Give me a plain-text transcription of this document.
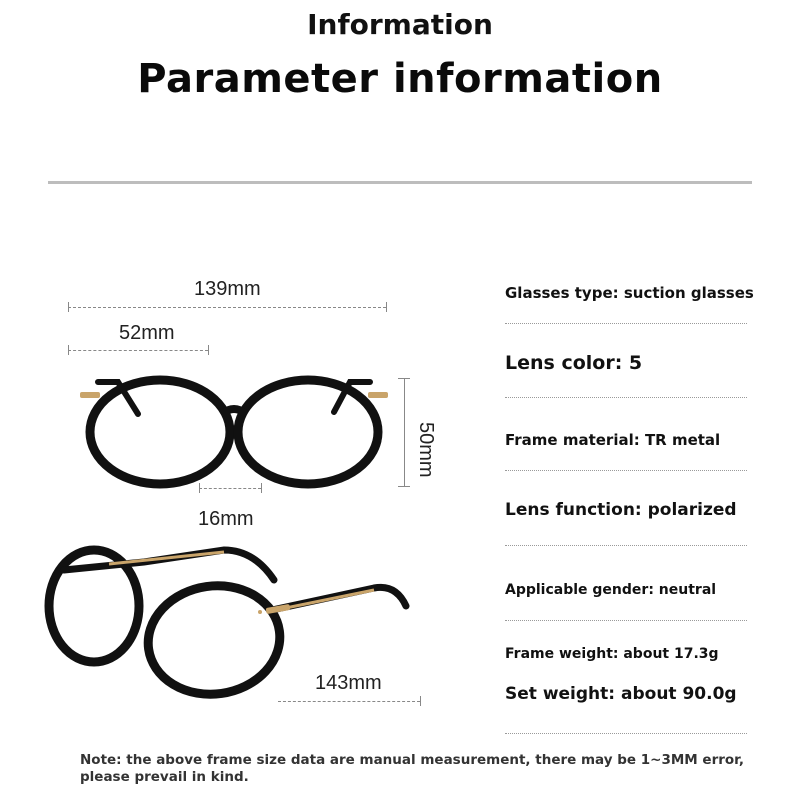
Information
Parameter information
139mm
52mm
50mm
16mm
143mm
Glasses type: suction glasses
Lens color: 5
Frame material: TR metal
Lens function: polarized
Applicable gender: neutral
Frame weight: about 17.3g
Set weight: about 90.0g
Note: the above frame size data are manual measurement, there may be 1~3MM error, please prevail in kind.
